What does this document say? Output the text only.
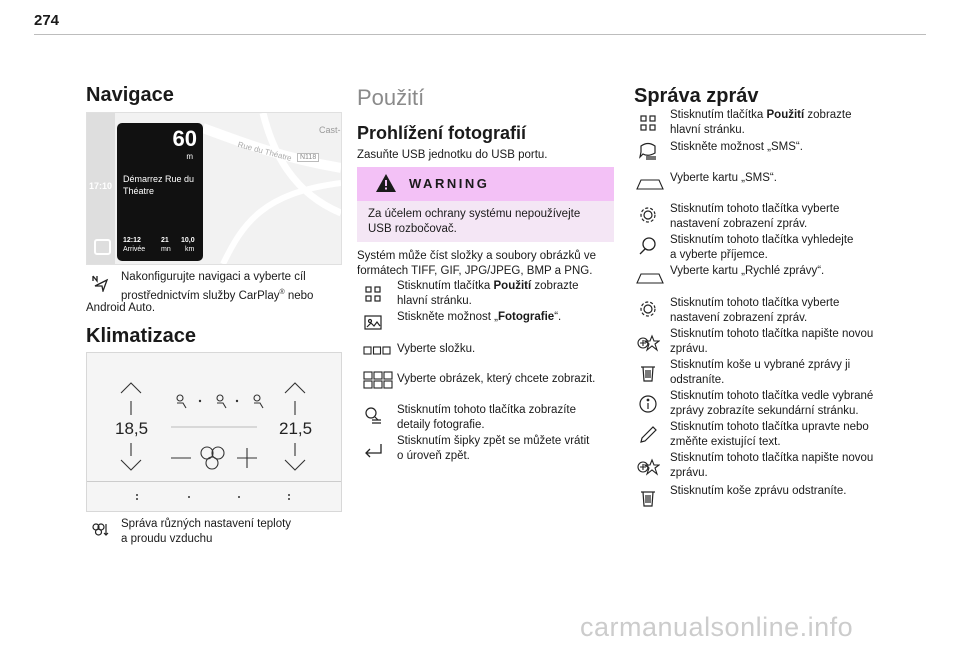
274
Navigace
17:10
Cast-
Rue du Théatre	N118
60
m
Démarrez Rue du Théatre
12:12
Arrivée
21
mn
10,0
km

Nakonfigurujte navigaci a vyberte cíl

prostřednictvím služby CarPlay® nebo

Android Auto.

Klimatizace
18,5	21,5

Správa různých nastavení teploty

a proudu vzduchu

Použití
Prohlížení fotografií

Zasuňte USB jednotku do USB portu.

WARNING

Za účelem ochrany systému nepoužívejte

USB rozbočovač.

Systém může číst složky a soubory obrázků ve

formátech TIFF, GIF, JPG/JPEG, BMP a PNG.

Stisknutím tlačítka Použití zobrazte

hlavní stránku.

Stiskněte možnost „Fotografie“.

Vyberte složku.

Vyberte obrázek, který chcete zobrazit.

Stisknutím tohoto tlačítka zobrazíte

detaily fotografie.

Stisknutím šipky zpět se můžete vrátit

o úroveň zpět.

Správa zpráv

Stisknutím tlačítka Použití zobrazte

hlavní stránku.

Stiskněte možnost „SMS“.

Vyberte kartu „SMS“.

Stisknutím tohoto tlačítka vyberte

nastavení zobrazení zpráv.

Stisknutím tohoto tlačítka vyhledejte

a vyberte příjemce.

Vyberte kartu „Rychlé zprávy“.

Stisknutím tohoto tlačítka vyberte

nastavení zobrazení zpráv.

Stisknutím tohoto tlačítka napište novou

zprávu.

Stisknutím koše u vybrané zprávy ji

odstraníte.

Stisknutím tohoto tlačítka vedle vybrané

zprávy zobrazíte sekundární stránku.

Stisknutím tohoto tlačítka upravte nebo

změňte existující text.

Stisknutím tohoto tlačítka napište novou

zprávu.

Stisknutím koše zprávu odstraníte.

carmanualsonline.info
